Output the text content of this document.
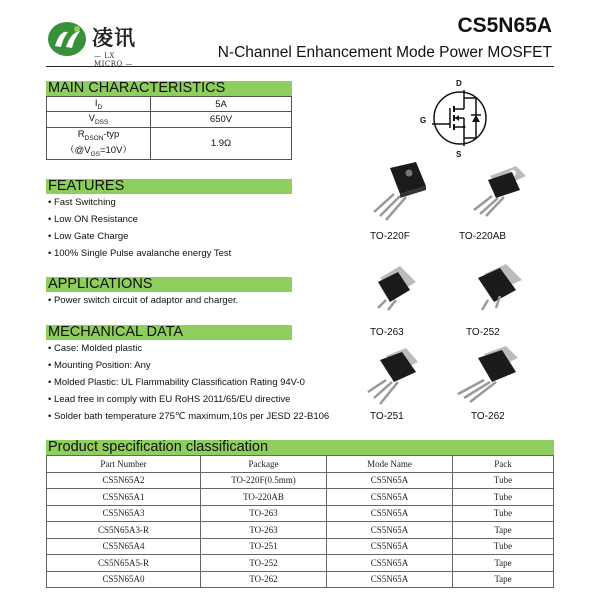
凌讯
— LX MICRO —
CS5N65A
N-Channel Enhancement Mode Power MOSFET
MAIN CHARACTERISTICS
$I_D$	5A
$V_{DSS}$	650V

$R_{DSON}$-typ
$(@V_{GS}=10V)$	1.9Ω
FEATURES
• Fast Switching
• Low ON Resistance
• Low Gate Charge
• 100% Single Pulse avalanche energy Test
APPLICATIONS
• Power switch circuit of adaptor and charger.
MECHANICAL DATA
• Case: Molded plastic
• Mounting Position: Any
• Molded Plastic: UL Flammability Classification Rating 94V-0
• Lead free in comply with EU RoHS 2011/65/EU directive
• Solder bath temperature 275℃ maximum,10s per JESD 22-B106
D
G
S
TO-220F	TO-220AB
TO-263	TO-252
TO-251	TO-262
Product specification classification
Part Number	Package	Mode Name	Pack
CS5N65A2	TO-220F(0.5mm)	CS5N65A	Tube
CS5N65A1	TO-220AB	CS5N65A	Tube
CS5N65A3	TO-263	CS5N65A	Tube
CS5N65A3-R	TO-263	CS5N65A	Tape
CS5N65A4	TO-251	CS5N65A	Tube
CS5N65A5-R	TO-252	CS5N65A	Tape
CS5N65A0	TO-262	CS5N65A	Tape
